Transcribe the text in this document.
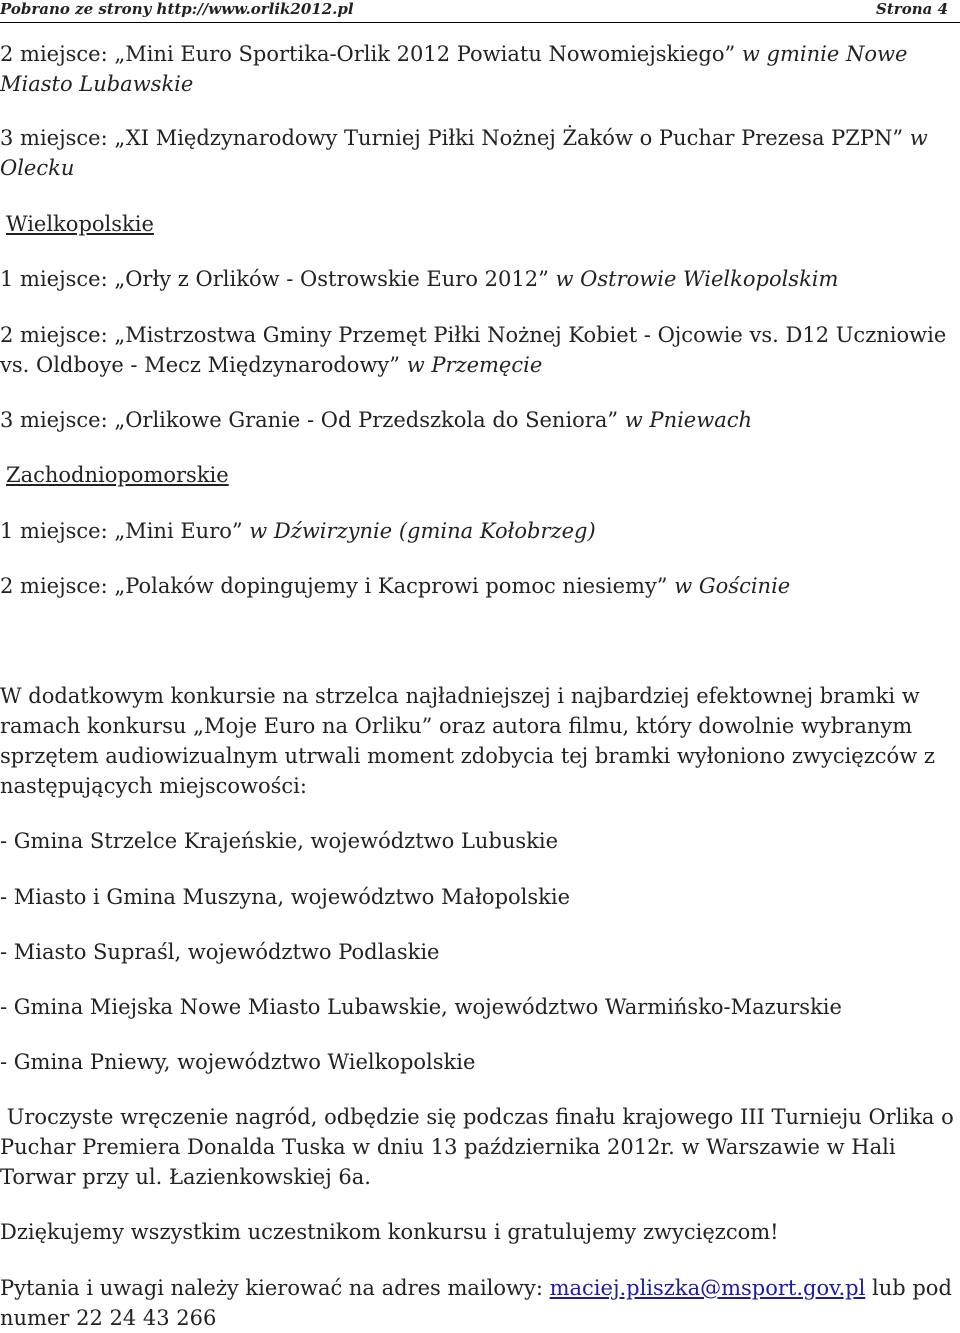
Pobrano ze strony http://www.orlik2012.pl	Strona 4
2 miejsce: „Mini Euro Sportika-Orlik 2012 Powiatu Nowomiejskiego” w gminie Nowe Miasto Lubawskie
3 miejsce: „XI Międzynarodowy Turniej Piłki Nożnej Żaków o Puchar Prezesa PZPN” w Olecku
Wielkopolskie
1 miejsce: „Orły z Orlików - Ostrowskie Euro 2012” w Ostrowie Wielkopolskim
2 miejsce: „Mistrzostwa Gminy Przemęt Piłki Nożnej Kobiet - Ojcowie vs. D12 Uczniowie vs. Oldboye - Mecz Międzynarodowy” w Przemęcie
3 miejsce: „Orlikowe Granie - Od Przedszkola do Seniora” w Pniewach
Zachodniopomorskie
1 miejsce: „Mini Euro” w Dźwirzynie (gmina Kołobrzeg)
2 miejsce: „Polaków dopingujemy i Kacprowi pomoc niesiemy” w Gościnie
W dodatkowym konkursie na strzelca najładniejszej i najbardziej efektownej bramki w ramach konkursu „Moje Euro na Orliku” oraz autora filmu, który dowolnie wybranym sprzętem audiowizualnym utrwali moment zdobycia tej bramki wyłoniono zwycięzców z następujących miejscowości:
- Gmina Strzelce Krajeńskie, województwo Lubuskie
- Miasto i Gmina Muszyna, województwo Małopolskie
- Miasto Supraśl, województwo Podlaskie
- Gmina Miejska Nowe Miasto Lubawskie, województwo Warmińsko-Mazurskie
- Gmina Pniewy, województwo Wielkopolskie
Uroczyste wręczenie nagród, odbędzie się podczas finału krajowego III Turnieju Orlika o Puchar Premiera Donalda Tuska w dniu 13 października 2012r. w Warszawie w Hali Torwar przy ul. Łazienkowskiej 6a.
Dziękujemy wszystkim uczestnikom konkursu i gratulujemy zwycięzcom!
Pytania i uwagi należy kierować na adres mailowy: maciej.pliszka@msport.gov.pl lub pod numer 22 24 43 266
